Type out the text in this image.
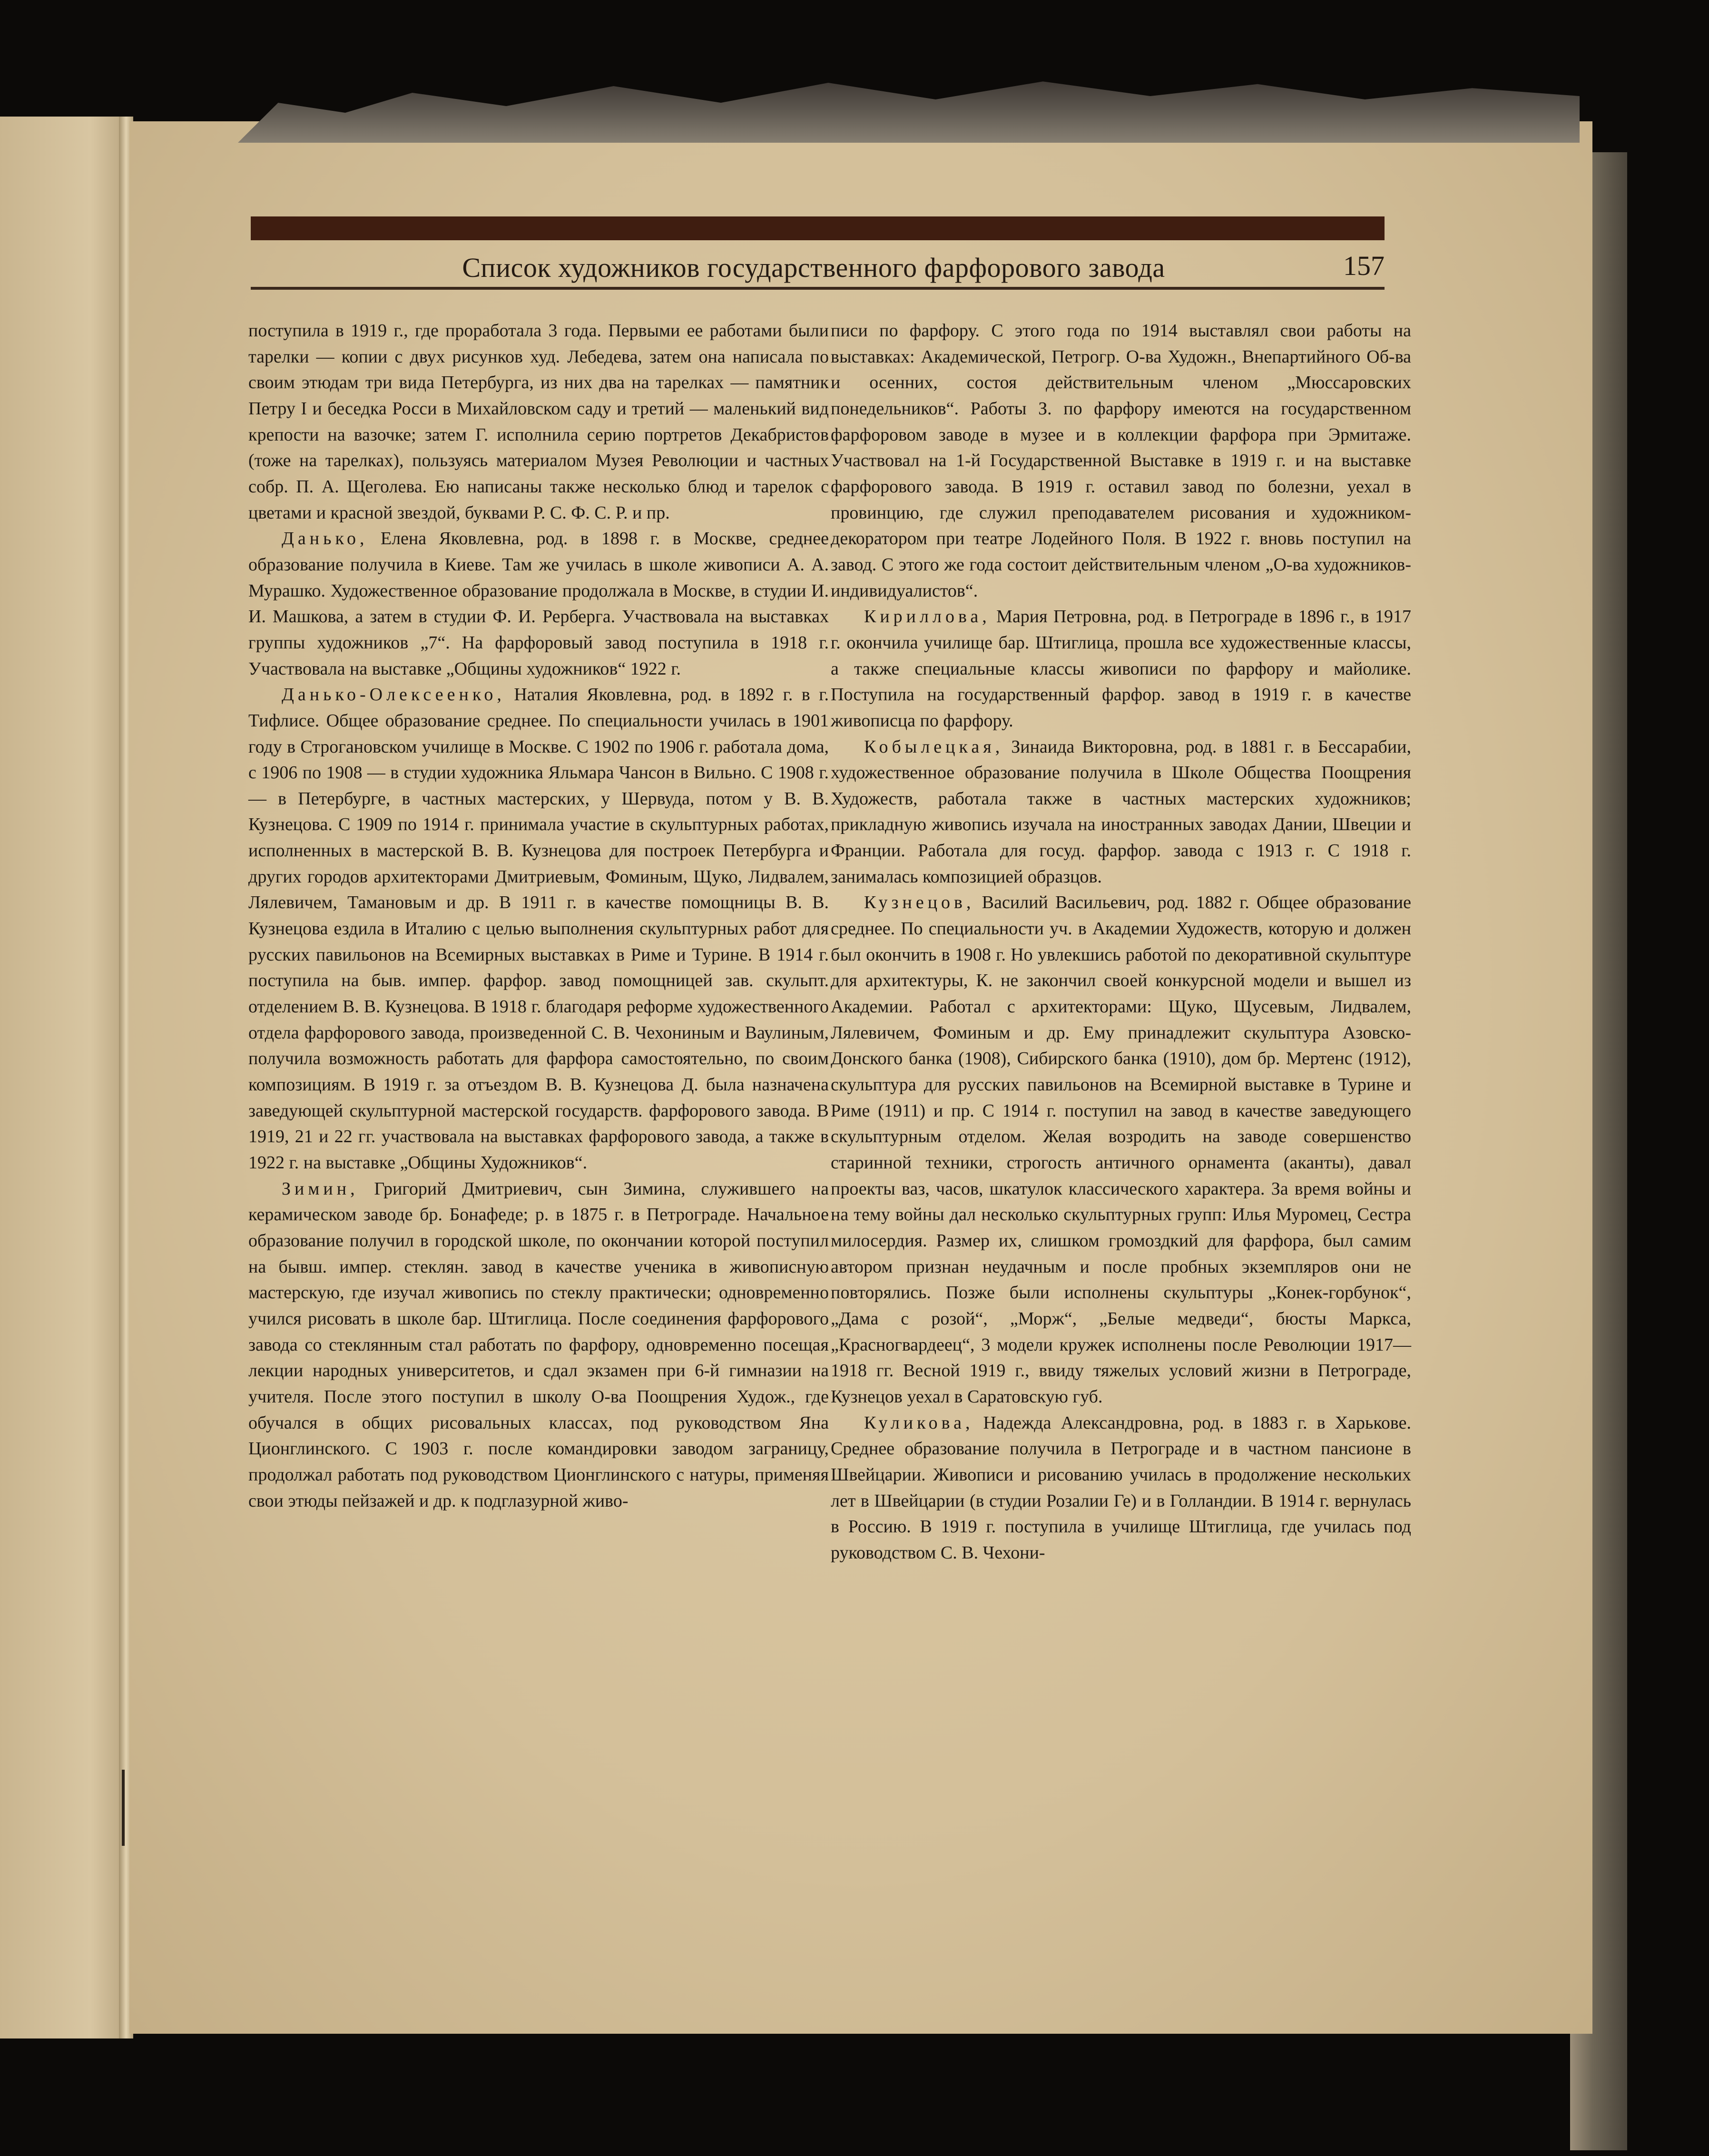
Список художников государственного фарфорового завода	157

поступила в 1919 г., где проработала 3 года. Первыми ее работами были тарелки — копии с двух рисунков худ. Лебедева, затем она написала по своим этюдам три вида Петербурга, из них два на тарелках — памятник Петру I и беседка Росси в Михайловском саду и третий — маленький вид крепости на вазочке; затем Г. исполнила серию портретов Декабристов (тоже на тарелках), пользуясь материалом Музея Революции и частных собр. П. А. Щеголева. Ею написаны также несколько блюд и тарелок с цветами и красной звездой, буквами Р. С. Ф. С. Р. и пр.

Данько, Елена Яковлевна, род. в 1898 г. в Москве, среднее образование получила в Киеве. Там же училась в школе живописи А. А. Мурашко. Художественное образование продолжала в Москве, в студии И. И. Машкова, а затем в студии Ф. И. Рерберга. Участвовала на выставках группы художников „7“. На фарфоровый завод поступила в 1918 г. Участвовала на выставке „Общины художников“ 1922 г.

Данько-Олексеенко, Наталия Яковлевна, род. в 1892 г. в г. Тифлисе. Общее образование среднее. По специальности училась в 1901 году в Строгановском училище в Москве. С 1902 по 1906 г. работала дома, с 1906 по 1908 — в студии художника Яльмара Чансон в Вильно. С 1908 г. — в Петербурге, в частных мастерских, у Шервуда, потом у В. В. Кузнецова. С 1909 по 1914 г. принимала участие в скульптурных работах, исполненных в мастерской В. В. Кузнецова для построек Петербурга и других городов архитекторами Дмитриевым, Фоминым, Щуко, Лидвалем, Лялевичем, Тамановым и др. В 1911 г. в качестве помощницы В. В. Кузнецова ездила в Италию с целью выполнения скульптурных работ для русских павильонов на Всемирных выставках в Риме и Турине. В 1914 г. поступила на быв. импер. фарфор. завод помощницей зав. скульпт. отделением В. В. Кузнецова. В 1918 г. благодаря реформе художественного отдела фарфорового завода, произведенной С. В. Чехониным и Ваулиным, получила возможность работать для фарфора самостоятельно, по своим композициям. В 1919 г. за отъездом В. В. Кузнецова Д. была назначена заведующей скульптурной мастерской государств. фарфорового завода. В 1919, 21 и 22 гг. участвовала на выставках фарфорового завода, а также в 1922 г. на выставке „Общины Художников“.

Зимин, Григорий Дмитриевич, сын Зимина, служившего на керамическом заводе бр. Бонафеде; р. в 1875 г. в Петрограде. Начальное образование получил в городской школе, по окончании которой поступил на бывш. импер. стеклян. завод в качестве ученика в живописную мастерскую, где изучал живопись по стеклу практически; одновременно учился рисовать в школе бар. Штиглица. После соединения фарфорового завода со стеклянным стал работать по фарфору, одновременно посещая лекции народных университетов, и сдал экзамен при 6-й гимназии на учителя. После этого поступил в школу О-ва Поощрения Худож., где обучался в общих рисовальных классах, под руководством Яна Ционглинского. С 1903 г. после командировки заводом заграницу, продолжал работать под руководством Ционглинского с натуры, применяя свои этюды пейзажей и др. к подглазурной живо-

писи по фарфору. С этого года по 1914 выставлял свои работы на выставках: Академической, Петрогр. О-ва Художн., Внепартийного Об-ва и осенних, состоя действительным членом „Мюссаровских понедельников“. Работы З. по фарфору имеются на государственном фарфоровом заводе в музее и в коллекции фарфора при Эрмитаже. Участвовал на 1-й Государственной Выставке в 1919 г. и на выставке фарфорового завода. В 1919 г. оставил завод по болезни, уехал в провинцию, где служил преподавателем рисования и художником-декоратором при театре Лодейного Поля. В 1922 г. вновь поступил на завод. С этого же года состоит действительным членом „О-ва художников-индивидуалистов“.

Кириллова, Мария Петровна, род. в Петрограде в 1896 г., в 1917 г. окончила училище бар. Штиглица, прошла все художественные классы, а также специальные классы живописи по фарфору и майолике. Поступила на государственный фарфор. завод в 1919 г. в качестве живописца по фарфору.

Кобылецкая, Зинаида Викторовна, род. в 1881 г. в Бессарабии, художественное образование получила в Школе Общества Поощрения Художеств, работала также в частных мастерских художников; прикладную живопись изучала на иностранных заводах Дании, Швеции и Франции. Работала для госуд. фарфор. завода с 1913 г. С 1918 г. занималась композицией образцов.

Кузнецов, Василий Васильевич, род. 1882 г. Общее образование среднее. По специальности уч. в Академии Художеств, которую и должен был окончить в 1908 г. Но увлекшись работой по декоративной скульптуре для архитектуры, К. не закончил своей конкурсной модели и вышел из Академии. Работал с архитекторами: Щуко, Щусевым, Лидвалем, Лялевичем, Фоминым и др. Ему принадлежит скульптура Азовско-Донского банка (1908), Сибирского банка (1910), дом бр. Мертенс (1912), скульптура для русских павильонов на Всемирной выставке в Турине и Риме (1911) и пр. С 1914 г. поступил на завод в качестве заведующего скульптурным отделом. Желая возродить на заводе совершенство старинной техники, строгость античного орнамента (аканты), давал проекты ваз, часов, шкатулок классического характера. За время войны и на тему войны дал несколько скульптурных групп: Илья Муромец, Сестра милосердия. Размер их, слишком громоздкий для фарфора, был самим автором признан неудачным и после пробных экземпляров они не повторялись. Позже были исполнены скульптуры „Конек-горбунок“, „Дама с розой“, „Морж“, „Белые медведи“, бюсты Маркса, „Красногвардеец“, 3 модели кружек исполнены после Революции 1917—1918 гг. Весной 1919 г., ввиду тяжелых условий жизни в Петрограде, Кузнецов уехал в Саратовскую губ.

Куликова, Надежда Александровна, род. в 1883 г. в Харькове. Среднее образование получила в Петрограде и в частном пансионе в Швейцарии. Живописи и рисованию училась в продолжение нескольких лет в Швейцарии (в студии Розалии Ге) и в Голландии. В 1914 г. вернулась в Россию. В 1919 г. поступила в училище Штиглица, где училась под руководством С. В. Чехони-
